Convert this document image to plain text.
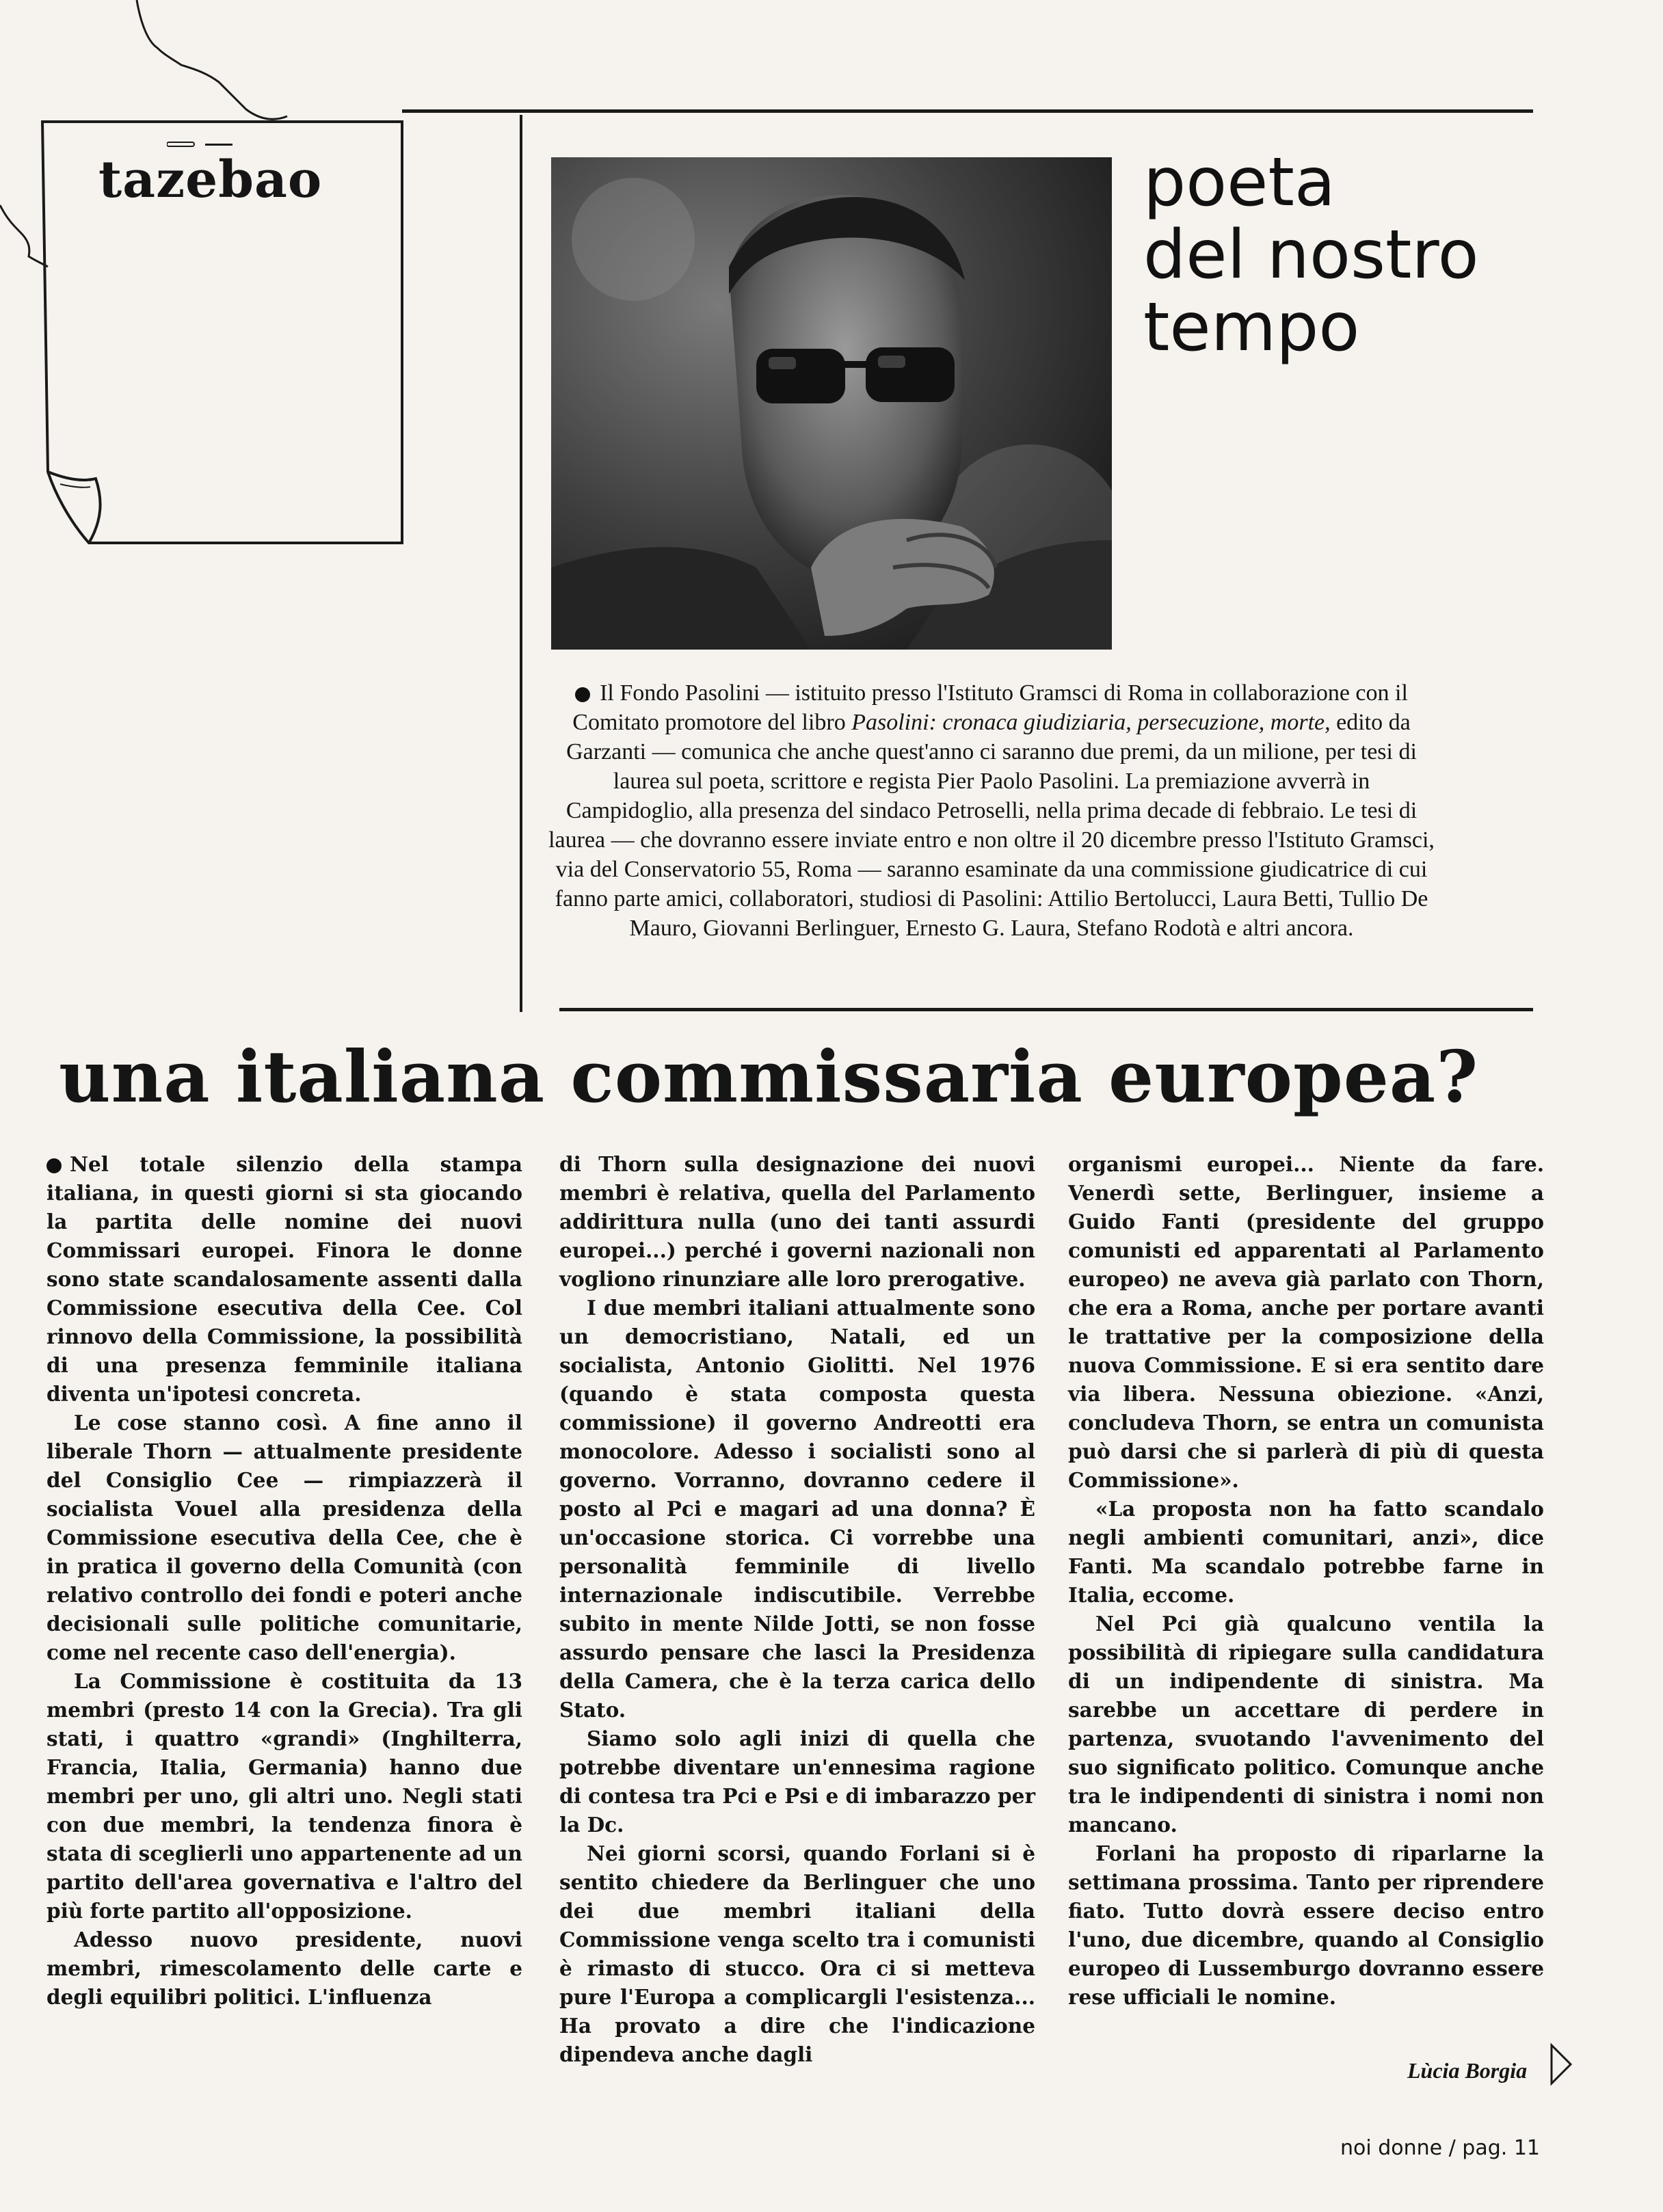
tazebao	poeta
del nostro
tempo
Il Fondo Pasolini — istituito presso l'Istituto Gramsci di Roma in collaborazione con il Comitato promotore del libro Pasolini: cronaca giudiziaria, persecuzione, morte, edito da Garzanti — comunica che anche quest'anno ci saranno due premi, da un milione, per tesi di laurea sul poeta, scrittore e regista Pier Paolo Pasolini. La premiazione avverrà in Campidoglio, alla presenza del sindaco Petroselli, nella prima decade di febbraio. Le tesi di laurea — che dovranno essere inviate entro e non oltre il 20 dicembre presso l'Istituto Gramsci, via del Conservatorio 55, Roma — saranno esaminate da una commissione giudicatrice di cui fanno parte amici, collaboratori, studiosi di Pasolini: Attilio Bertolucci, Laura Betti, Tullio De Mauro, Giovanni Berlinguer, Ernesto G. Laura, Stefano Rodotà e altri ancora.
una italiana commissaria europea?

Nel totale silenzio della stampa italiana, in questi giorni si sta giocando la partita delle nomine dei nuovi Commissari europei. Finora le donne sono state scandalosamente assenti dalla Commissione esecutiva della Cee. Col rinnovo della Commissione, la possibilità di una presenza femminile italiana diventa un'ipotesi concreta.

Le cose stanno così. A fine anno il liberale Thorn — attualmente presidente del Consiglio Cee — rimpiazzerà il socialista Vouel alla presidenza della Commissione esecutiva della Cee, che è in pratica il governo della Comunità (con relativo controllo dei fondi e poteri anche decisionali sulle politiche comunitarie, come nel recente caso dell'energia).

La Commissione è costituita da 13 membri (presto 14 con la Grecia). Tra gli stati, i quattro «grandi» (Inghilterra, Francia, Italia, Germania) hanno due membri per uno, gli altri uno. Negli stati con due membri, la tendenza finora è stata di sceglierli uno appartenente ad un partito dell'area governativa e l'altro del più forte partito all'opposizione.

Adesso nuovo presidente, nuovi membri, rimescolamento delle carte e degli equilibri politici. L'influenza

di Thorn sulla designazione dei nuovi membri è relativa, quella del Parlamento addirittura nulla (uno dei tanti assurdi europei...) perché i governi nazionali non vogliono rinunziare alle loro prerogative.

I due membri italiani attualmente sono un democristiano, Natali, ed un socialista, Antonio Giolitti. Nel 1976 (quando è stata composta questa commissione) il governo Andreotti era monocolore. Adesso i socialisti sono al governo. Vorranno, dovranno cedere il posto al Pci e magari ad una donna? È un'occasione storica. Ci vorrebbe una personalità femminile di livello internazionale indiscutibile. Verrebbe subito in mente Nilde Jotti, se non fosse assurdo pensare che lasci la Presidenza della Camera, che è la terza carica dello Stato.

Siamo solo agli inizi di quella che potrebbe diventare un'ennesima ragione di contesa tra Pci e Psi e di imbarazzo per la Dc.

Nei giorni scorsi, quando Forlani si è sentito chiedere da Berlinguer che uno dei due membri italiani della Commissione venga scelto tra i comunisti è rimasto di stucco. Ora ci si metteva pure l'Europa a complicargli l'esistenza... Ha provato a dire che l'indicazione dipendeva anche dagli

organismi europei... Niente da fare. Venerdì sette, Berlinguer, insieme a Guido Fanti (presidente del gruppo comunisti ed apparentati al Parlamento europeo) ne aveva già parlato con Thorn, che era a Roma, anche per portare avanti le trattative per la composizione della nuova Commissione. E si era sentito dare via libera. Nessuna obiezione. «Anzi, concludeva Thorn, se entra un comunista può darsi che si parlerà di più di questa Commissione».

«La proposta non ha fatto scandalo negli ambienti comunitari, anzi», dice Fanti. Ma scandalo potrebbe farne in Italia, eccome.

Nel Pci già qualcuno ventila la possibilità di ripiegare sulla candidatura di un indipendente di sinistra. Ma sarebbe un accettare di perdere in partenza, svuotando l'avvenimento del suo significato politico. Comunque anche tra le indipendenti di sinistra i nomi non mancano.

Forlani ha proposto di riparlarne la settimana prossima. Tanto per riprendere fiato. Tutto dovrà essere deciso entro l'uno, due dicembre, quando al Consiglio europeo di Lussemburgo dovranno essere rese ufficiali le nomine.

Lùcia Borgia
noi donne / pag. 11
